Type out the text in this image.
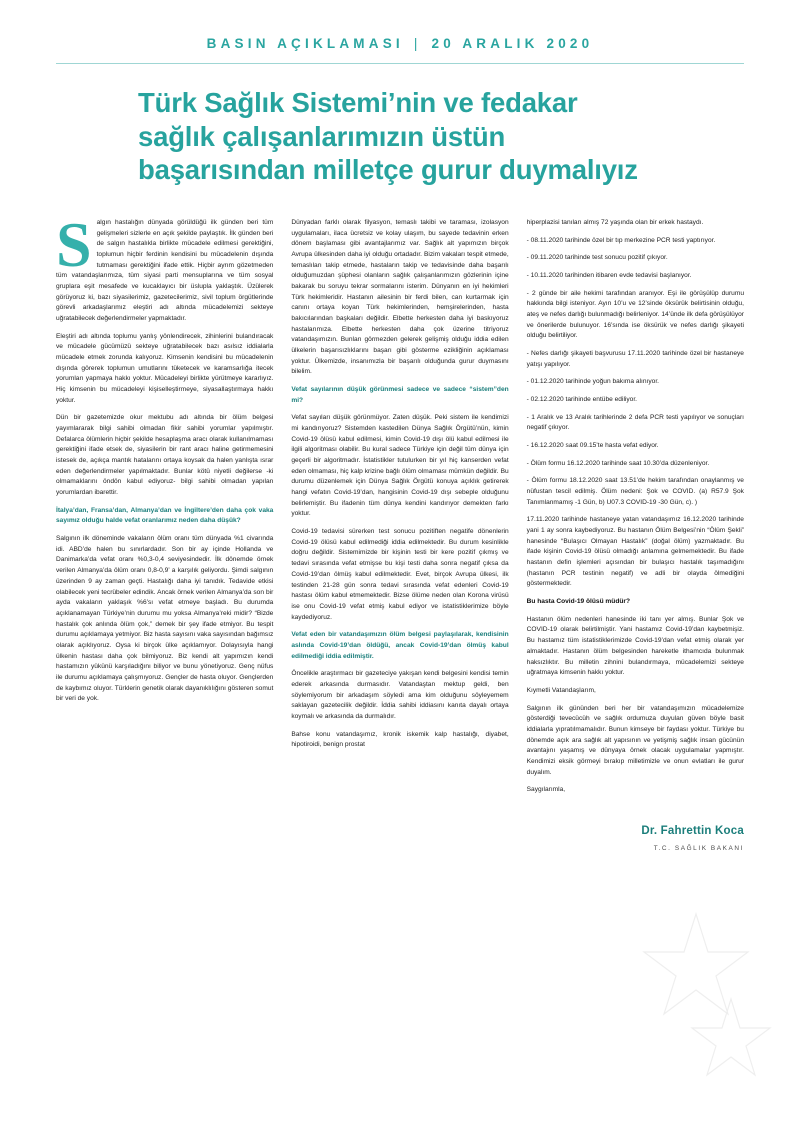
BASIN AÇIKLAMASI | 20 ARALIK 2020
Türk Sağlık Sistemi’nin ve fedakar
sağlık çalışanlarımızın üstün
başarısından milletçe gurur duymalıyız

Salgın hastalığın dünyada görüldüğü ilk günden beri tüm gelişmeleri sizlerle en açık şekilde paylaştık. İlk günden beri de salgın hastalıkla birlikte mücadele edilmesi gerektiğini, toplumun hiçbir ferdinin kendisini bu mücadelenin dışında tutmaması gerektiğini ifade ettik. Hiçbir ayrım gözetmeden tüm vatandaşlarımıza, tüm siyasi parti mensuplarına ve tüm sosyal gruplara eşit mesafede ve kucaklayıcı bir üslupla yaklaştık. Üzülerek görüyoruz ki, bazı siyasilerimiz, gazetecilerimiz, sivil toplum örgütlerinde görevli arkadaşlarımız eleştiri adı altında mücadelemizi sekteye uğratabilecek değerlendirmeler yapmaktadır.

Eleştiri adı altında toplumu yanlış yönlendirecek, zihinlerini bulandıracak ve mücadele gücümüzü sekteye uğratabilecek bazı asılsız iddialarla mücadele etmek zorunda kalıyoruz. Kimsenin kendisini bu mücadelenin dışında görerek toplumun umutlarını tüketecek ve karamsarlığa itecek yorumları yapmaya hakkı yoktur. Mücadeleyi birlikte yürütmeye kararlıyız. Hiç kimsenin bu mücadeleyi kişiselleştirmeye, siyasallaştırmaya hakkı yoktur.

Dün bir gazetemizde okur mektubu adı altında bir ölüm belgesi yayımlararak bilgi sahibi olmadan fikir sahibi yorumlar yapılmıştır. Defalarca ölümlerin hiçbir şekilde hesaplaşma aracı olarak kullanılmaması gerektiğini ifade etsek de, siyasilerin bir rant aracı haline getirmemesini istesek de, açıkça mantık hatalarını ortaya koysak da halen yanlışta ısrar eden değerlendirmeler yapılmaktadır. Bunlar kötü niyetli değilerse -ki olmamaklarını öndön kabul ediyoruz- bilgi sahibi olmadan yapılan yorumlardan ibarettir.

İtalya’dan, Fransa’dan, Almanya’dan ve İngiltere’den daha çok vaka sayımız olduğu halde vefat oranlarımız neden daha düşük?

Salgının ilk döneminde vakaların ölüm oranı tüm dünyada %1 civarında idi. ABD’de halen bu sınırlardadır. Son bir ay içinde Hollanda ve Danimarka’da vefat oranı %0,3-0,4 seviyesindedir. İlk dönemde örnek verilen Almanya’da ölüm oranı 0,8-0,9’ a karşılık geliyordu. Şimdi salgının üzerinden 9 ay zaman geçti. Hastalığı daha iyi tanıdık. Tedavide etkisi olabilecek yeni tecrübeler edindik. Ancak örnek verilen Almanya’da son bir ayda vakaların yaklaşık %6’sı vefat etmeye başladı. Bu durumda açıklanamayan Türkiye’nin durumu mu yoksa Almanya’reki midir? “Bizde hastalık çok anlında ölüm çok,” demek bir şey ifade etmiyor. Bu tespit durumu açıklamaya yetmiyor. Biz hasta sayısını vaka sayısından bağımsız olarak açıklıyoruz. Oysa ki birçok ülke açıklamıyor. Dolayısıyla hangi ülkenin hastası daha çok bilmiyoruz. Biz kendi alt yapımızın kendi hastamızın yükünü karşıladığını biliyor ve bunu yönetiyoruz. Genç nüfus ile durumu açıklamaya çalışmıyoruz. Gençler de hasta oluyor. Gençlerden de kaybımız oluyor. Türklerin genetik olarak dayanıklılığını gösteren somut bir veri de yok.

Dünyadan farklı olarak filyasyon, temaslı takibi ve taraması, izolasyon uygulamaları, ilaca ücretsiz ve kolay ulaşım, bu sayede tedavinin erken dönem başlaması gibi avantajlarımız var. Sağlık alt yapımızın birçok Avrupa ülkesinden daha iyi olduğu ortadadır. Bizim vakaları tespit etmede, temaslıları takip etmede, hastaların takip ve tedavisinde daha başarılı olduğumuzdan şüphesi olanların sağlık çalışanlarımızın gözlerinin içine bakarak bu soruyu tekrar sormalarını isterim. Dünyanın en iyi hekimleri Türk hekimleridir. Hastanın ailesinin bir ferdi bilen, can kurtarmak için canını ortaya koyan Türk hekimlerinden, hemşirelerinden, hasta bakıcılarından başkaları değildir. Elbette herkesten daha iyi baskıyoruz hastalarımıza. Elbette herkesten daha çok üzerine titriyoruz vatandaşımızın. Bunları görmezden gelerek gelişmiş olduğu iddia edilen ülkelerin başarısızlıklarını başarı gibi gösterme ezikliğinin açıklaması yoktur. Ülkemizde, insanımızla bir başarılı olduğunda gurur duymasını bilelim.

Vefat sayılarının düşük görünmesi sadece ve sadece “sistem”den mi?

Vefat sayıları düşük görünmüyor. Zaten düşük. Peki sistem ile kendimizi mi kandırıyoruz? Sistemden kastedilen Dünya Sağlık Örgütü’nün, kimin Covid-19 ölüsü kabul edilmesi, kimin Covid-19 dışı ölü kabul edilmesi ile ilgili algoritması olabilir. Bu kural sadece Türkiye için değil tüm dünya için geçerli bir algoritmadır. İstatistikler tutulurken bir yıl hiç kanserden vefat eden olmaması, hiç kalp krizine bağlı ölüm olmaması mümkün değildir. Bu durumu düzenlemek için Dünya Sağlık Örgütü konuya açıklık getirerek hangi vefatın Covid-19’dan, hangisinin Covid-19 dışı sebeple olduğunu belirlemiştir. Bu ifadenin tüm dünya kendini kandırıyor demekten farkı yoktur.

Covid-19 tedavisi sürerken test sonucu pozitiften negatife dönenlerin Covid-19 ölüsü kabul edilmediği iddia edilmektedir. Bu durum kesinlikle doğru değildir. Sistemimizde bir kişinin testi bir kere pozitif çıkmış ve tedavi sırasında vefat etmişse bu kişi testi daha sonra negatif çıksa da Covid-19’dan ölmüş kabul edilmektedir. Evet, birçok Avrupa ülkesi, ilk testinden 21-28 gün sonra tedavi sırasında vefat edenleri Covid-19 hastası ölüm kabul etmemektedir. Bizse ölüme neden olan Korona virüsü ise onu Covid-19 vefat etmiş kabul ediyor ve istatistiklerimize böyle kaydediyoruz.

Vefat eden bir vatandaşımızın ölüm belgesi paylaşılarak, kendisinin aslında Covid-19’dan öldüğü, ancak Covid-19’dan ölmüş kabul edilmediği iddia edilmiştir.

Öncelikle araştırmacı bir gazeteciye yakışan kendi belgesini kendisi temin ederek arkasında durmasıdır. Vatandaştan mektup geldi, ben söylemiyorum bir arkadaşım söyledi ama kim olduğunu söyleyemem saklayan gazetecilik değildir. İddia sahibi iddiasını kanıta dayalı ortaya koymalı ve arkasında da durmalıdır.

Bahse konu vatandaşımız, kronik iskemik kalp hastalığı, diyabet, hipotiroidi, benign prostat

hiperplazisi tanıları almış 72 yaşında olan bir erkek hastaydı.

- 08.11.2020 tarihinde özel bir tıp merkezine PCR testi yaptırıyor.

- 09.11.2020 tarihinde test sonucu pozitif çıkıyor.

- 10.11.2020 tarihinden itibaren evde tedavisi başlanıyor.

- 2 günde bir aile hekimi tarafından aranıyor. Eşi ile görüşülüp durumu hakkında bilgi isteniyor. Ayın 10’u ve 12’sinde öksürük belirtisinin olduğu, ateş ve nefes darlığı bulunmadığı belirleniyor. 14’ünde ilk defa görüşülüyor ve önerilerde bulunuyor. 16’sında ise öksürük ve nefes darlığı şikayeti olduğu belirtiliyor.

- Nefes darlığı şikayeti başvurusu 17.11.2020 tarihinde özel bir hastaneye yatışı yapılıyor.

- 01.12.2020 tarihinde yoğun bakıma alınıyor.

- 02.12.2020 tarihinde entübe ediliyor.

- 1 Aralık ve 13 Aralık tarihlerinde 2 defa PCR testi yapılıyor ve sonuçları negatif çıkıyor.

- 16.12.2020 saat 09.15’te hasta vefat ediyor.

- Ölüm formu 16.12.2020 tarihinde saat 10.30’da düzenleniyor.

- Ölüm formu 18.12.2020 saat 13.51’de hekim tarafından onaylanmış ve nüfustan tescil edilmiş. Ölüm nedeni: Şok ve COVID. (a) R57.9 Şok Tanımlanmamış -1 Gün, b) U07.3 COVID-19 -30 Gün, c). )

17.11.2020 tarihinde hastaneye yatan vatandaşımız 16.12.2020 tarihinde yani 1 ay sonra kaybediyoruz. Bu hastanın Ölüm Belgesi’nin “Ölüm Şekli” hanesinde “Bulaşıcı Olmayan Hastalık” (doğal ölüm) yazmaktadır. Bu ifade kişinin Covid-19 ölüsü olmadığı anlamına gelmemektedir. Bu ifade hastanın defin işlemleri açısından bir bulaşıcı hastalık taşımadığını (hastanın PCR testinin negatif) ve adli bir olayda ölmediğini göstermektedir.

Bu hasta Covid-19 ölüsü müdür?

Hastanın ölüm nedenleri hanesinde iki tanı yer almış. Bunlar Şok ve COVID-19 olarak belirtilmiştir. Yani hastamız Covid-19’dan kaybetmişiz. Bu hastamız tüm istatistiklerimizde Covid-19’dan vefat etmiş olarak yer almaktadır. Hastanın ölüm belgesinden hareketle ithamcıda bulunmak haksızlıktır. Bu milletin zihnini bulandırmaya, mücadelemizi sekteye uğratmaya kimsenin hakkı yoktur.

Kıymetli Vatandaşlarım,

Salgının ilk gününden beri her bir vatandaşımızın mücadelemize gösterdiği tevecücüh ve sağlık ordumuza duyulan güven böyle basit iddialarla yıpratılmamalıdır. Bunun kimseye bir faydası yoktur. Türkiye bu dönemde açık ara sağlık alt yapısının ve yetişmiş sağlık insan gücünün avantajını yaşamış ve dünyaya örnek olacak uygulamalar yapmıştır. Kendimizi eksik görmeyi bırakıp milletimizle ve onun evlatları ile gurur duyalım.

Saygılarımla,

Dr. Fahrettin Koca
T.C. SAĞLIK BAKANI
